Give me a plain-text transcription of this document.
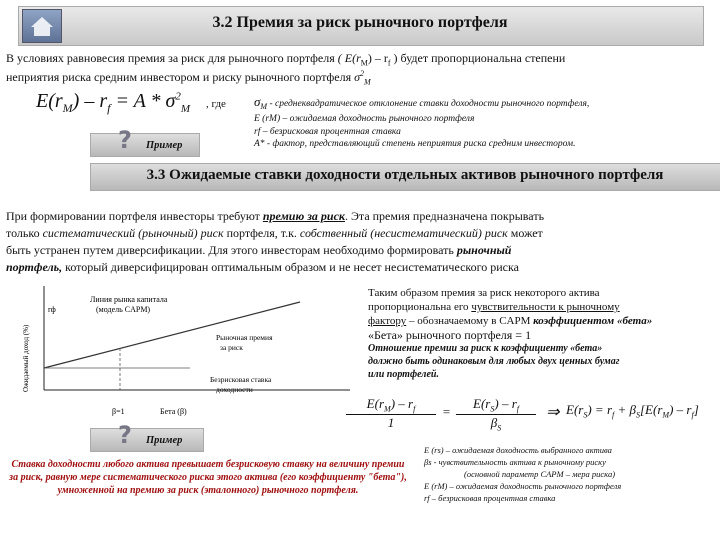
3.2 Премия за риск рыночного портфеля
В условиях равновесия премия за риск для рыночного портфеля ( $E(r_M) - r_f$ ) будет пропорциональна степени
неприятия риска средним инвестором и риску рыночного портфеля $\sigma^2_M$
$E(r_M) - r_f = A * \sigma^2_M$ , где $\sigma_M$ - среднеквадратическое отклонение ставки доходности рыночного портфеля,
E (rM) – ожидаемая доходность рыночного портфеля
rf – безрисковая процентная ставка
A* - фактор, представляющий степень неприятия риска средним инвестором.
? Пример
3.3 Ожидаемые ставки доходности отдельных активов рыночного портфеля
При формировании портфеля инвесторы требуют премию за риск. Эта премия предназначена покрывать
только систематический (рыночный) риск портфеля, т.к. собственный (несистематический) риск может
быть устранен путем диверсификации. Для этого инвесторам необходимо формировать рыночный
портфель, который диверсифицирован оптимальным образом и не несет несистематического риска
Ожидаемый доход (%)
rф
Линия рынка капитала
(модель CAPM)
Рыночная премия
за риск
Безрисковая ставка
доходности
β=1	Бета (β)
Таким образом премия за риск некоторого актива
пропорциональна его чувствительности к рыночному
фактору – обозначаемому в CAPM коэффициентом «бета»
«Бета» рыночного портфеля = 1
Отношение премии за риск к коэффициенту «бета»
должно быть одинаковым для любых двух ценных бумаг
или портфелей.
$E(r_M) - r_f$
1
=
$E(r_S) - r_f$
$\beta_S$
⇒ $E(r_S) = r_f + \beta_S[E(r_M) - r_f]$
E (rs) – ожидаемая доходность выбранного актива
βs - чувствительность актива к рыночному риску
(основной параметр CAPM – мера риска)
E (rM) – ожидаемая доходность рыночного портфеля
rf – безрисковая процентная ставка
? Пример
Ставка доходности любого актива превышает безрисковую ставку на величину премии за риск, равную мере систематического риска этого актива (его коэффициенту "бета"), умноженной на премию за риск (эталонного) рыночного портфеля.
